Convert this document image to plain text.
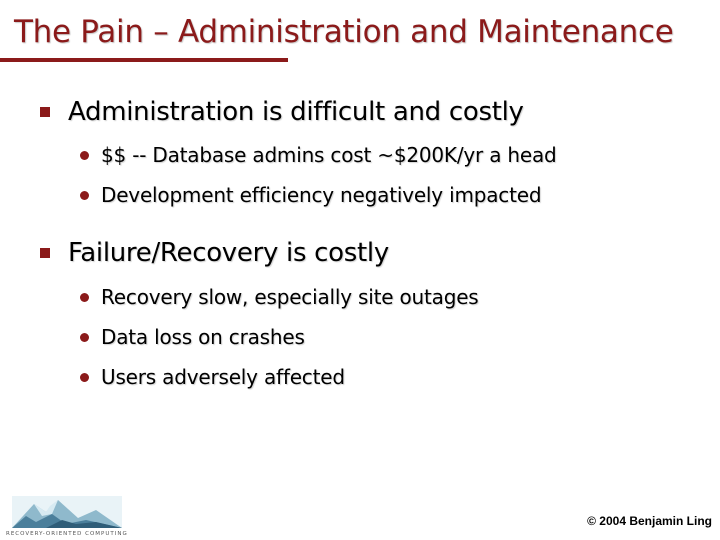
The Pain – Administration and Maintenance
Administration is difficult and costly
$$ -- Database admins cost ~$200K/yr a head
Development efficiency negatively impacted
Failure/Recovery is costly
Recovery slow, especially site outages
Data loss on crashes
Users adversely affected
RECOVERY-ORIENTED COMPUTING
© 2004 Benjamin Ling
